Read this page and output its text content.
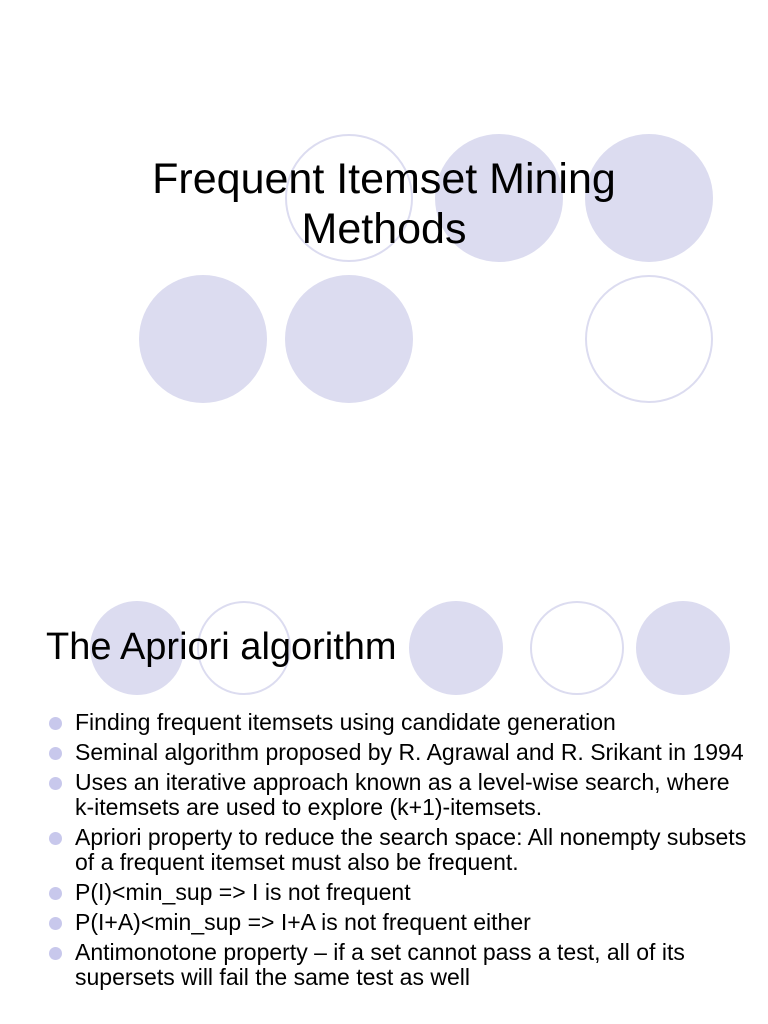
Frequent Itemset Mining
Methods
The Apriori algorithm
Finding frequent itemsets using candidate generation
Seminal algorithm proposed by R. Agrawal and R. Srikant in 1994
Uses an iterative approach known as a level-wise search, where k-itemsets are used to explore (k+1)-itemsets.
Apriori property to reduce the search space: All nonempty subsets of a frequent itemset must also be frequent.
P(I)<min_sup => I is not frequent
P(I+A)<min_sup => I+A is not frequent either
Antimonotone property – if a set cannot pass a test, all of its supersets will fail the same test as well
